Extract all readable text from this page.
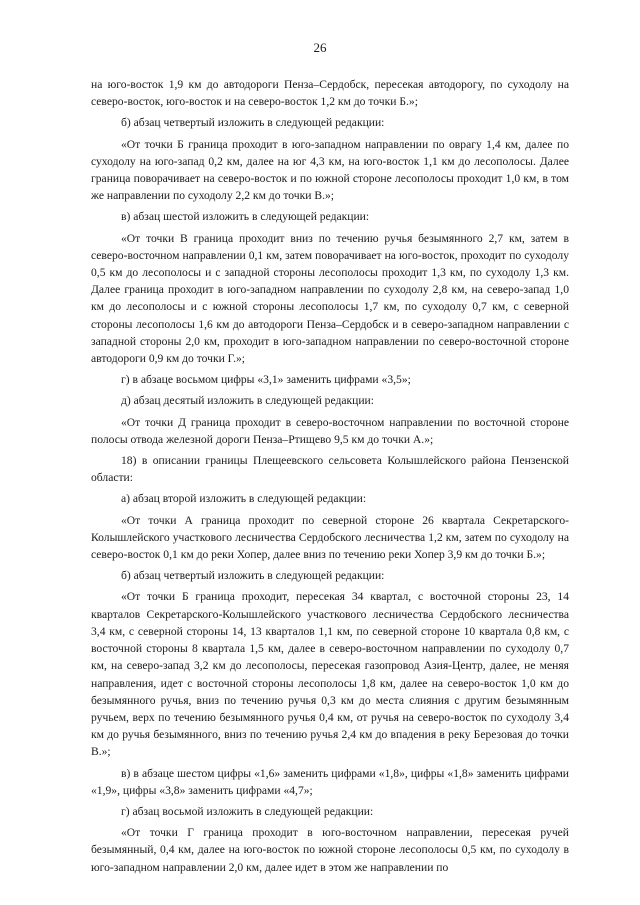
26

на юго-восток 1,9 км до автодороги Пенза–Сердобск, пересекая автодорогу, по суходолу на северо-восток, юго-восток и на северо-восток 1,2 км до точки Б.»;

б) абзац четвертый изложить в следующей редакции:

«От точки Б граница проходит в юго-западном направлении по оврагу 1,4 км, далее по суходолу на юго-запад 0,2 км, далее на юг 4,3 км, на юго-восток 1,1 км до лесополосы. Далее граница поворачивает на северо-восток и по южной стороне лесополосы проходит 1,0 км, в том же направлении по суходолу 2,2 км до точки В.»;

в) абзац шестой изложить в следующей редакции:

«От точки В граница проходит вниз по течению ручья безымянного 2,7 км, затем в северо-восточном направлении 0,1 км, затем поворачивает на юго-восток, проходит по суходолу 0,5 км до лесополосы и с западной стороны лесополосы проходит 1,3 км, по суходолу 1,3 км. Далее граница проходит в юго-западном направлении по суходолу 2,8 км, на северо-запад 1,0 км до лесополосы и с южной стороны лесополосы 1,7 км, по суходолу 0,7 км, с северной стороны лесополосы 1,6 км до автодороги Пенза–Сердобск и в северо-западном направлении с западной стороны 2,0 км, проходит в юго-западном направлении по северо-восточной стороне автодороги 0,9 км до точки Г.»;

г) в абзаце восьмом цифры «3,1» заменить цифрами «3,5»;

д) абзац десятый изложить в следующей редакции:

«От точки Д граница проходит в северо-восточном направлении по восточной стороне полосы отвода железной дороги Пенза–Ртищево 9,5 км до точки А.»;

18) в описании границы Плещеевского сельсовета Колышлейского района Пензенской области:

а) абзац второй изложить в следующей редакции:

«От точки А граница проходит по северной стороне 26 квартала Секретарского-Колышлейского участкового лесничества Сердобского лесничества 1,2 км, затем по суходолу на северо-восток 0,1 км до реки Хопер, далее вниз по течению реки Хопер 3,9 км до точки Б.»;

б) абзац четвертый изложить в следующей редакции:

«От точки Б граница проходит, пересекая 34 квартал, с восточной стороны 23, 14 кварталов Секретарского-Колышлейского участкового лесничества Сердобского лесничества 3,4 км, с северной стороны 14, 13 кварталов 1,1 км, по северной стороне 10 квартала 0,8 км, с восточной стороны 8 квартала 1,5 км, далее в северо-восточном направлении по суходолу 0,7 км, на северо-запад 3,2 км до лесополосы, пересекая газопровод Азия-Центр, далее, не меняя направления, идет с восточной стороны лесополосы 1,8 км, далее на северо-восток 1,0 км до безымянного ручья, вниз по течению ручья 0,3 км до места слияния с другим безымянным ручьем, верх по течению безымянного ручья 0,4 км, от ручья на северо-восток по суходолу 3,4 км до ручья безымянного, вниз по течению ручья 2,4 км до впадения в реку Березовая до точки В.»;

в) в абзаце шестом цифры «1,6» заменить цифрами «1,8», цифры «1,8» заменить цифрами «1,9», цифры «3,8» заменить цифрами «4,7»;

г) абзац восьмой изложить в следующей редакции:

«От точки Г граница проходит в юго-восточном направлении, пересекая ручей безымянный, 0,4 км, далее на юго-восток по южной стороне лесополосы 0,5 км, по суходолу в юго-западном направлении 2,0 км, далее идет в этом же направлении по
